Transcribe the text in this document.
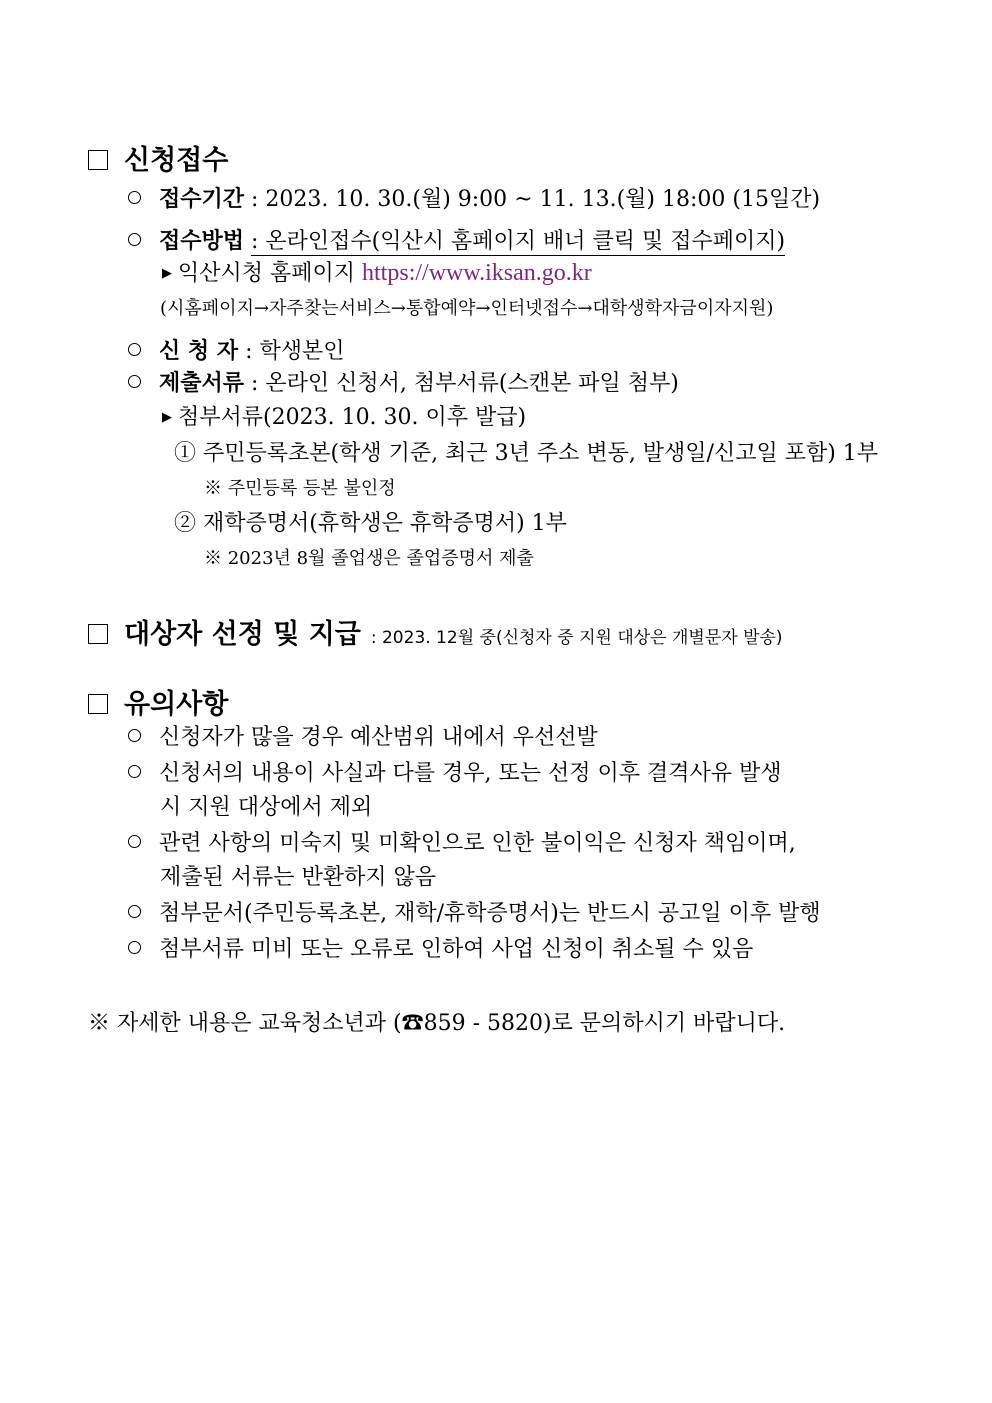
신청접수
접수기간 : 2023. 10. 30.(월) 9:00 ~ 11. 13.(월) 18:00 (15일간)
접수방법 : 온라인접수(익산시 홈페이지 배너 클릭 및 접수페이지)
▶ 익산시청 홈페이지 https://www.iksan.go.kr
(시홈페이지→자주찾는서비스→통합예약→인터넷접수→대학생학자금이자지원)
신 청 자 : 학생본인
제출서류 : 온라인 신청서, 첨부서류(스캔본 파일 첨부)
▶ 첨부서류(2023. 10. 30. 이후 발급)
① 주민등록초본(학생 기준, 최근 3년 주소 변동, 발생일/신고일 포함) 1부
※ 주민등록 등본 불인정
② 재학증명서(휴학생은 휴학증명서) 1부
※ 2023년 8월 졸업생은 졸업증명서 제출
대상자 선정 및 지급 : 2023. 12월 중(신청자 중 지원 대상은 개별문자 발송)
유의사항
신청자가 많을 경우 예산범위 내에서 우선선발
신청서의 내용이 사실과 다를 경우, 또는 선정 이후 결격사유 발생
시 지원 대상에서 제외
관련 사항의 미숙지 및 미확인으로 인한 불이익은 신청자 책임이며,
제출된 서류는 반환하지 않음
첨부문서(주민등록초본, 재학/휴학증명서)는 반드시 공고일 이후 발행
첨부서류 미비 또는 오류로 인하여 사업 신청이 취소될 수 있음
※ 자세한 내용은 교육청소년과 (☎859 - 5820)로 문의하시기 바랍니다.
